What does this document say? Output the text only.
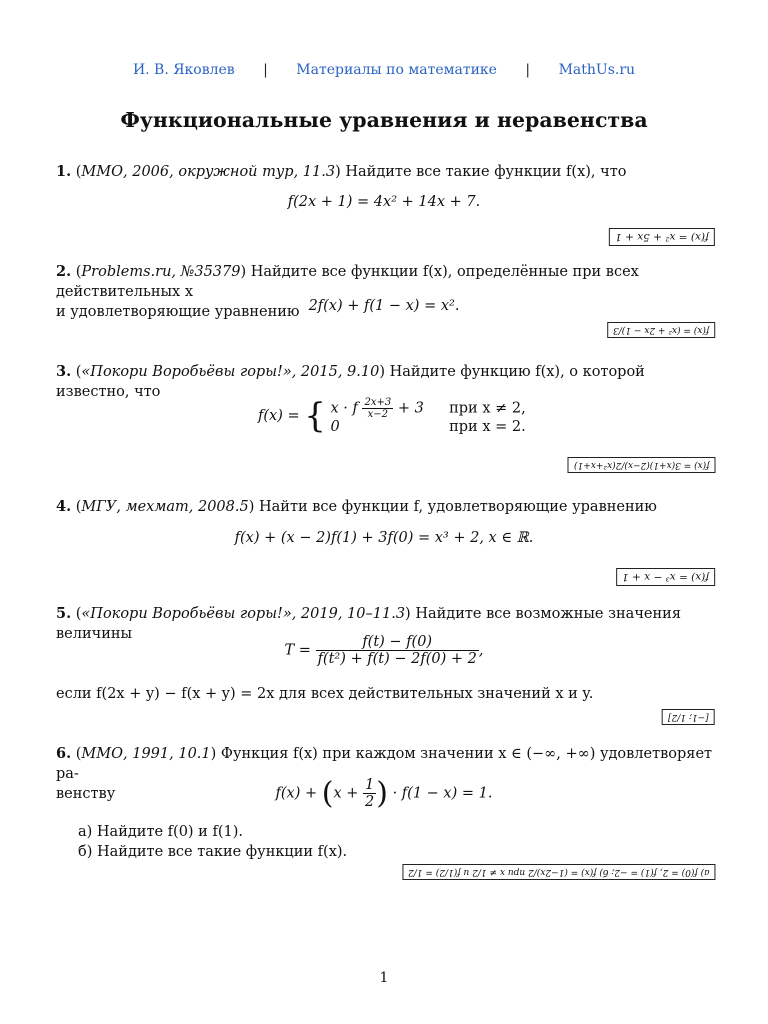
И. В. Яковлев | Материалы по математике | MathUs.ru
Функциональные уравнения и неравенства
1. (ММО, 2006, окружной тур, 11.3) Найдите все такие функции f(x), что
f(2x + 1) = 4x² + 14x + 7.
f(x) = x² + 5x + 1
2. (Problems.ru, №35379) Найдите все функции f(x), определённые при всех действительных x
и удовлетворяющие уравнению 2f(x) + f(1 − x) = x².
f(x) = (x² + 2x − 1)/3
3. («Покори Воробьёвы горы!», 2015, 9.10) Найдите функцию f(x), о которой известно, что
f(x) = { x · f $\frac{2x+3}{x-2} + 3$ при x ≠ 2,
0	при x = 2.
f(x) = 3(x+1)(2−x)/2(x²+x+1)
4. (МГУ, мехмат, 2008.5) Найти все функции f, удовлетворяющие уравнению
f(x) + (x − 2)f(1) + 3f(0) = x³ + 2, x ∈ ℝ.
f(x) = x³ − x + 1
5. («Покори Воробьёвы горы!», 2019, 10–11.3) Найдите все возможные значения величины
$T = \frac{f(t) - f(0)}{\text{f(t²) + f(t) − 2f(0) + 2}}$ ,
если f(2x + y) − f(x + y) = 2x для всех действительных значений x и y.
[−1; 1/2]
6. (ММО, 1991, 10.1) Функция f(x) при каждом значении x ∈ (−∞, +∞) удовлетворяет ра-
венству	$f(x) + (x + \frac{1}{2}$ ) · f(1 − x) = 1.
а) Найдите f(0) и f(1).
б) Найдите все такие функции f(x).
а) f(0) = 2, f(1) = −2; б) f(x) = (1−2x)/2 при x ≠ 1/2 и f(1/2) = 1/2
1
